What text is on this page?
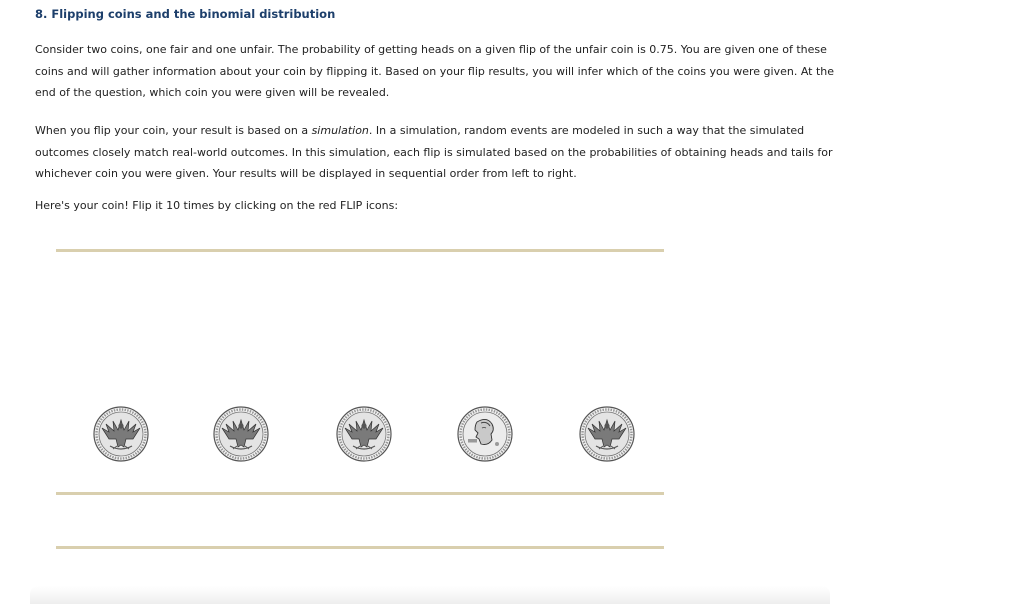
8. Flipping coins and the binomial distribution

Consider two coins, one fair and one unfair. The probability of getting heads on a given flip of the unfair coin is 0.75. You are given one of these coins and will gather information about your coin by flipping it. Based on your flip results, you will infer which of the coins you were given. At the end of the question, which coin you were given will be revealed.

When you flip your coin, your result is based on a simulation. In a simulation, random events are modeled in such a way that the simulated outcomes closely match real-world outcomes. In this simulation, each flip is simulated based on the probabilities of obtaining heads and tails for whichever coin you were given. Your results will be displayed in sequential order from left to right.

Here's your coin! Flip it 10 times by clicking on the red FLIP icons:
